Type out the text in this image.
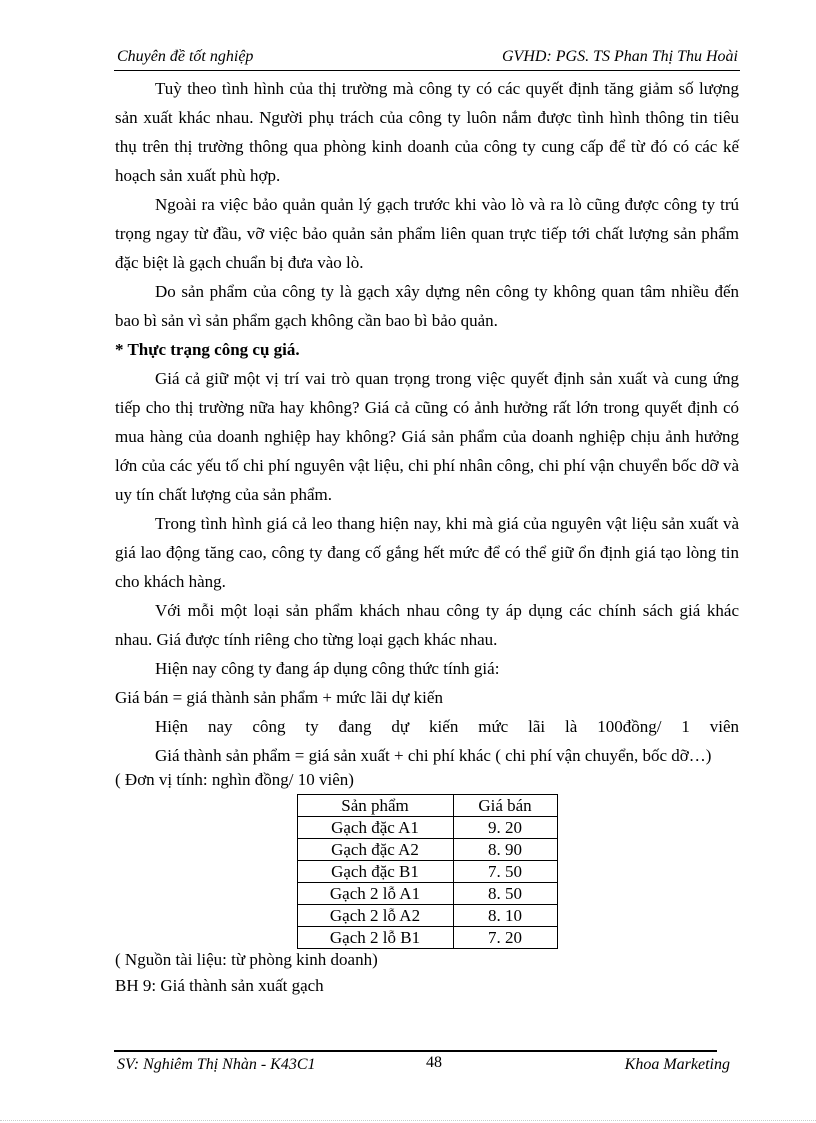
Chuyên đề tốt nghiệp	GVHD: PGS. TS Phan Thị Thu Hoài

Tuỳ theo tình hình của thị trường mà công ty có các quyết định tăng giảm số lượng sản xuất khác nhau. Người phụ trách của công ty luôn nắm được tình hình thông tin tiêu thụ trên thị trường thông qua phòng kinh doanh của công ty cung cấp để từ đó có các kế hoạch sản xuất phù hợp.

Ngoài ra việc bảo quản quản lý gạch trước khi vào lò và ra lò cũng được công ty trú trọng ngay từ đầu, vỡ việc bảo quản sản phẩm liên quan trực tiếp tới chất lượng sản phẩm đặc biệt là gạch chuẩn bị đưa vào lò.

Do sản phẩm của công ty là gạch xây dựng nên công ty không quan tâm nhiều đến bao bì sản vì sản phẩm gạch không cần bao bì bảo quản.

* Thực trạng công cụ giá.

Giá cả giữ một vị trí vai trò quan trọng trong việc quyết định sản xuất và cung ứng tiếp cho thị trường nữa hay không? Giá cả cũng có ảnh hưởng rất lớn trong quyết định có mua hàng của doanh nghiệp hay không? Giá sản phẩm của doanh nghiệp chịu ảnh hưởng lớn của các yếu tố chi phí nguyên vật liệu, chi phí nhân công, chi phí vận chuyển bốc dỡ và uy tín chất lượng của sản phẩm.

Trong tình hình giá cả leo thang hiện nay, khi mà giá của nguyên vật liệu sản xuất và giá lao động tăng cao, công ty đang cố gắng hết mức để có thể giữ ổn định giá tạo lòng tin cho khách hàng.

Với mỗi một loại sản phẩm khách nhau công ty áp dụng các chính sách giá khác nhau. Giá được tính riêng cho từng loại gạch khác nhau.

Hiện nay công ty đang áp dụng công thức tính giá:

Giá bán = giá thành sản phẩm + mức lãi dự kiến

Hiện nay công ty đang dự kiến mức lãi là 100đồng/ 1 viên

Giá thành sản phẩm = giá sản xuất + chi phí khác ( chi phí vận chuyển, bốc dỡ…)

( Đơn vị tính: nghìn đồng/ 10 viên)

Sản phẩm	Giá bán
Gạch đặc A1	9. 20
Gạch đặc A2	8. 90
Gạch đặc B1	7. 50
Gạch 2 lỗ A1	8. 50
Gạch 2 lỗ A2	8. 10
Gạch 2 lỗ B1	7. 20

( Nguồn tài liệu: từ phòng kinh doanh)

BH 9: Giá thành sản xuất gạch

SV: Nghiêm Thị Nhàn - K43C1	48	Khoa Marketing
